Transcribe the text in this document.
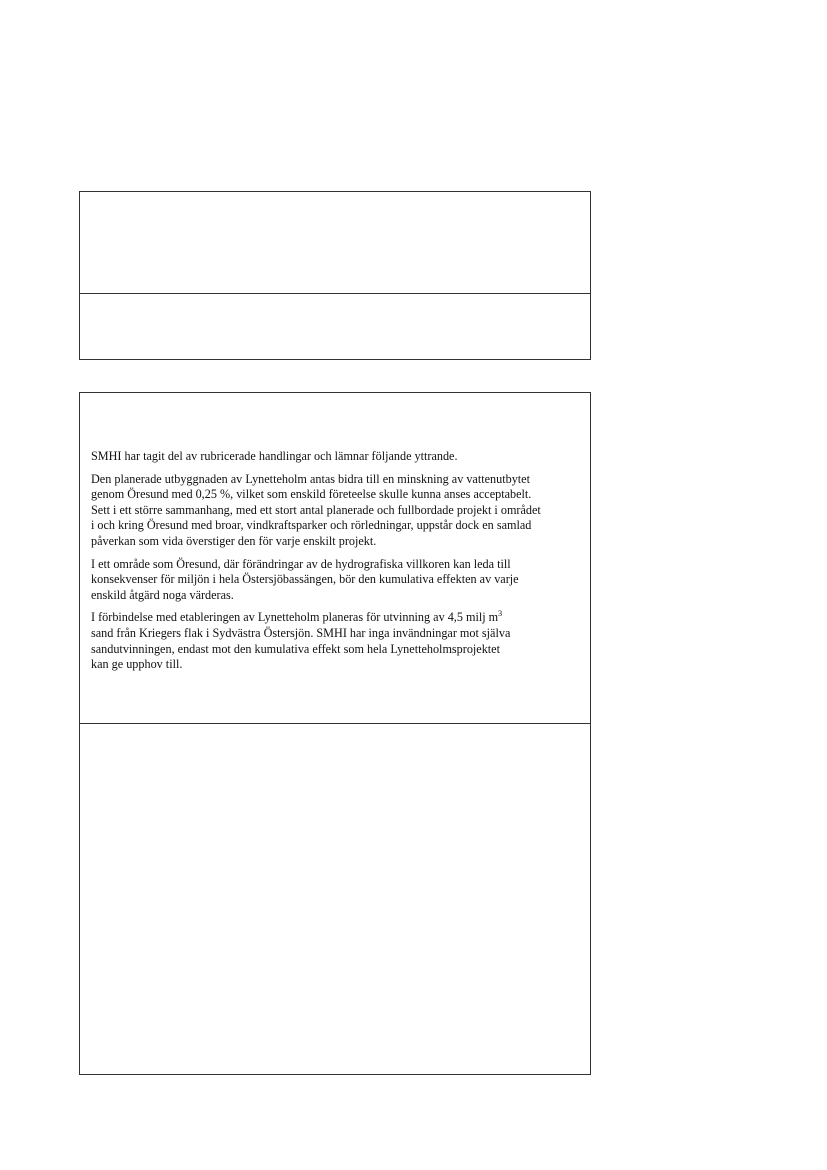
SMHI har tagit del av rubricerade handlingar och lämnar följande yttrande.

Den planerade utbyggnaden av Lynetteholm antas bidra till en minskning av vattenutbytet
genom Öresund med 0,25 %, vilket som enskild företeelse skulle kunna anses acceptabelt.
Sett i ett större sammanhang, med ett stort antal planerade och fullbordade projekt i området
i och kring Öresund med broar, vindkraftsparker och rörledningar, uppstår dock en samlad
påverkan som vida överstiger den för varje enskilt projekt.

I ett område som Öresund, där förändringar av de hydrografiska villkoren kan leda till
konsekvenser för miljön i hela Östersjöbassängen, bör den kumulativa effekten av varje
enskild åtgärd noga värderas.

I förbindelse med etableringen av Lynetteholm planeras för utvinning av 4,5 milj $m^3$
sand från Kriegers flak i Sydvästra Östersjön. SMHI har inga invändningar mot själva
sandutvinningen, endast mot den kumulativa effekt som hela Lynetteholmsprojektet
kan ge upphov till.
